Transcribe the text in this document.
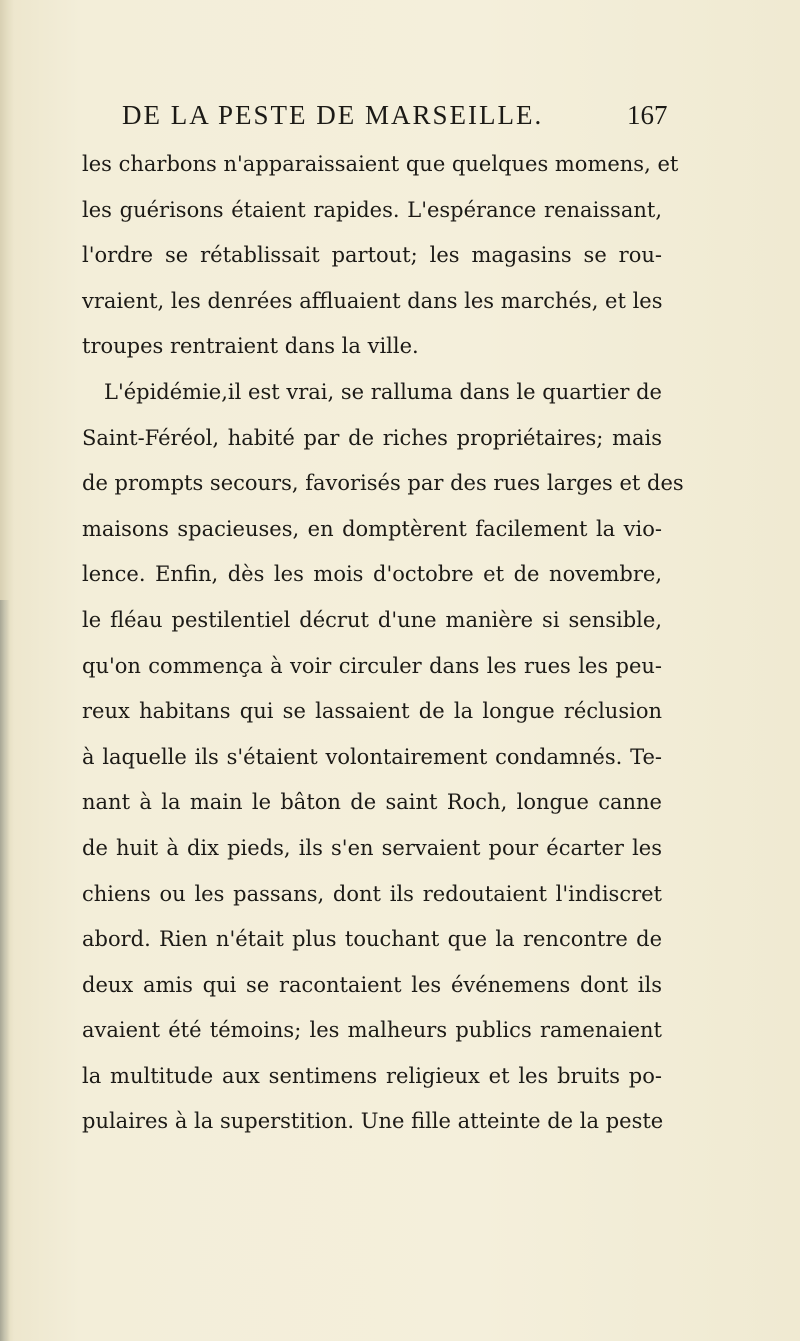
DE LA PESTE DE MARSEILLE.	167
les charbons n'apparaissaient que quelques momens, et
les guérisons étaient rapides. L'espérance renaissant,
l'ordre se rétablissait partout; les magasins se rou-
vraient, les denrées affluaient dans les marchés, et les
troupes rentraient dans la ville.
L'épidémie,il est vrai, se ralluma dans le quartier de
Saint-Féréol, habité par de riches propriétaires; mais
de prompts secours, favorisés par des rues larges et des
maisons spacieuses, en domptèrent facilement la vio-
lence. Enfin, dès les mois d'octobre et de novembre,
le fléau pestilentiel décrut d'une manière si sensible,
qu'on commença à voir circuler dans les rues les peu-
reux habitans qui se lassaient de la longue réclusion
à laquelle ils s'étaient volontairement condamnés. Te-
nant à la main le bâton de saint Roch, longue canne
de huit à dix pieds, ils s'en servaient pour écarter les
chiens ou les passans, dont ils redoutaient l'indiscret
abord. Rien n'était plus touchant que la rencontre de
deux amis qui se racontaient les événemens dont ils
avaient été témoins; les malheurs publics ramenaient
la multitude aux sentimens religieux et les bruits po-
pulaires à la superstition. Une fille atteinte de la peste
